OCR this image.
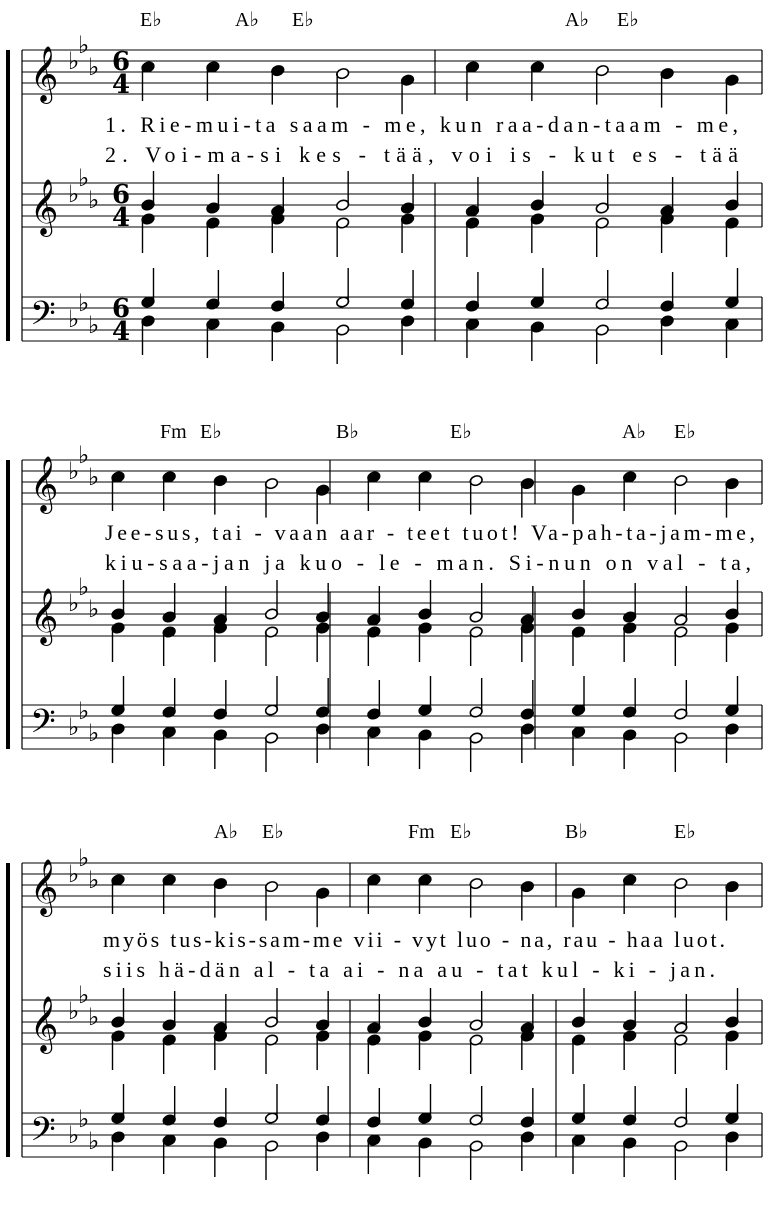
E♭	A♭ E♭	A♭ E♭
1. Rie-mui-ta saam - me, kun raa-dan-taam - me,
2. Voi-ma-si kes - tää, voi is - kut es - tää
Fm E♭	B♭	E♭	A♭ E♭
Jee-sus, tai - vaan aar - teet tuot! Va-pah-ta-jam-me,
kiu-saa-jan ja kuo - le - man. Si-nun on val - ta,
A♭ E♭	Fm E♭	B♭	E♭
myös tus-kis-sam-me vii - vyt luo - na, rau - haa luot.
siis hä-dän al - ta ai - na au - tat kul - ki - jan.
𝄞 ♭
♭
♭ 6
4
𝄞 ♭
♭
♭ 6
4
𝄢 ♭
♭
♭
6
4
𝄞 ♭
♭
♭
𝄞 ♭
♭
♭
𝄢 ♭
♭
♭
𝄞 ♭
♭
♭
𝄞 ♭
♭
♭
𝄢 ♭
♭
♭
